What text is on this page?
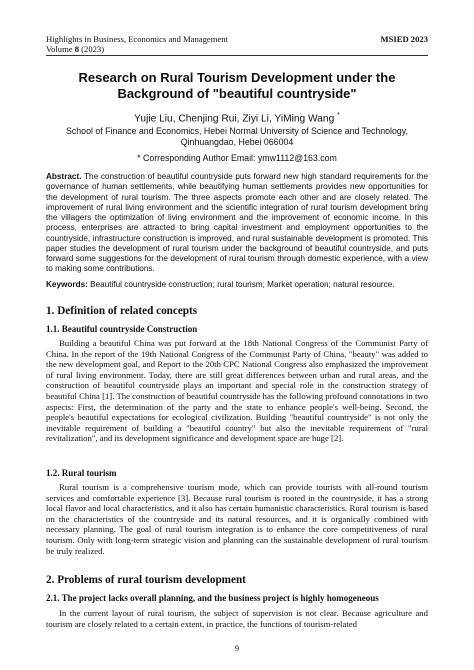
Highlights in Business, Economics and Management
Volume 8 (2023)
MSIED 2023
Research on Rural Tourism Development under the
Background of "beautiful countryside"
Yujie Liu, Chenjing Rui, Ziyi Li, YiMing Wang *
School of Finance and Economics, Hebei Normal University of Science and Technology,
Qinhuangdao, Hebei 066004
* Corresponding Author Email: ymw1112@163.com
Abstract. The construction of beautiful countryside puts forward new high standard requirements for the governance of human settlements, while beautifying human settlements provides new opportunities for the development of rural tourism. The three aspects promote each other and are closely related. The improvement of rural living environment and the scientific integration of rural tourism development bring the villagers the optimization of living environment and the improvement of economic income. In this process, enterprises are attracted to bring capital investment and employment opportunities to the countryside, infrastructure construction is improved, and rural sustainable development is promoted. This paper studies the development of rural tourism under the background of beautiful countryside, and puts forward some suggestions for the development of rural tourism through domestic experience, with a view to making some contributions.
Keywords: Beautiful countryside construction; rural tourism; Market operation; natural resource.
1. Definition of related concepts
1.1. Beautiful countryside Construction
Building a beautiful China was put forward at the 18th National Congress of the Communist Party of China. In the report of the 19th National Congress of the Communist Party of China, "beauty" was added to the new development goal, and Report to the 20th CPC National Congress also emphasized the improvement of rural living environment. Today, there are still great differences between urban and rural areas, and the construction of beautiful countryside plays an important and special role in the construction strategy of beautiful China [1]. The construction of beautiful countryside has the following profound connotations in two aspects: First, the determination of the party and the state to enhance people's well-being. Second, the people's beautiful expectations for ecological civilization. Building "beautiful countryside" is not only the inevitable requirement of building a "beautiful country" but also the inevitable requirement of "rural revitalization", and its development significance and development space are huge [2].
1.2. Rural tourism
Rural tourism is a comprehensive tourism mode, which can provide tourists with all-round tourism services and comfortable experience [3]. Because rural tourism is rooted in the countryside, it has a strong local flavor and local characteristics, and it also has certain humanistic characteristics. Rural tourism is based on the characteristics of the countryside and its natural resources, and it is organically combined with necessary planning. The goal of rural tourism integration is to enhance the core competitiveness of rural tourism. Only with long-term strategic vision and planning can the sustainable development of rural tourism be truly realized.
2. Problems of rural tourism development
2.1. The project lacks overall planning, and the business project is highly homogeneous
In the current layout of rural tourism, the subject of supervision is not clear. Because agriculture and tourism are closely related to a certain extent, in practice, the functions of tourism-related
9
